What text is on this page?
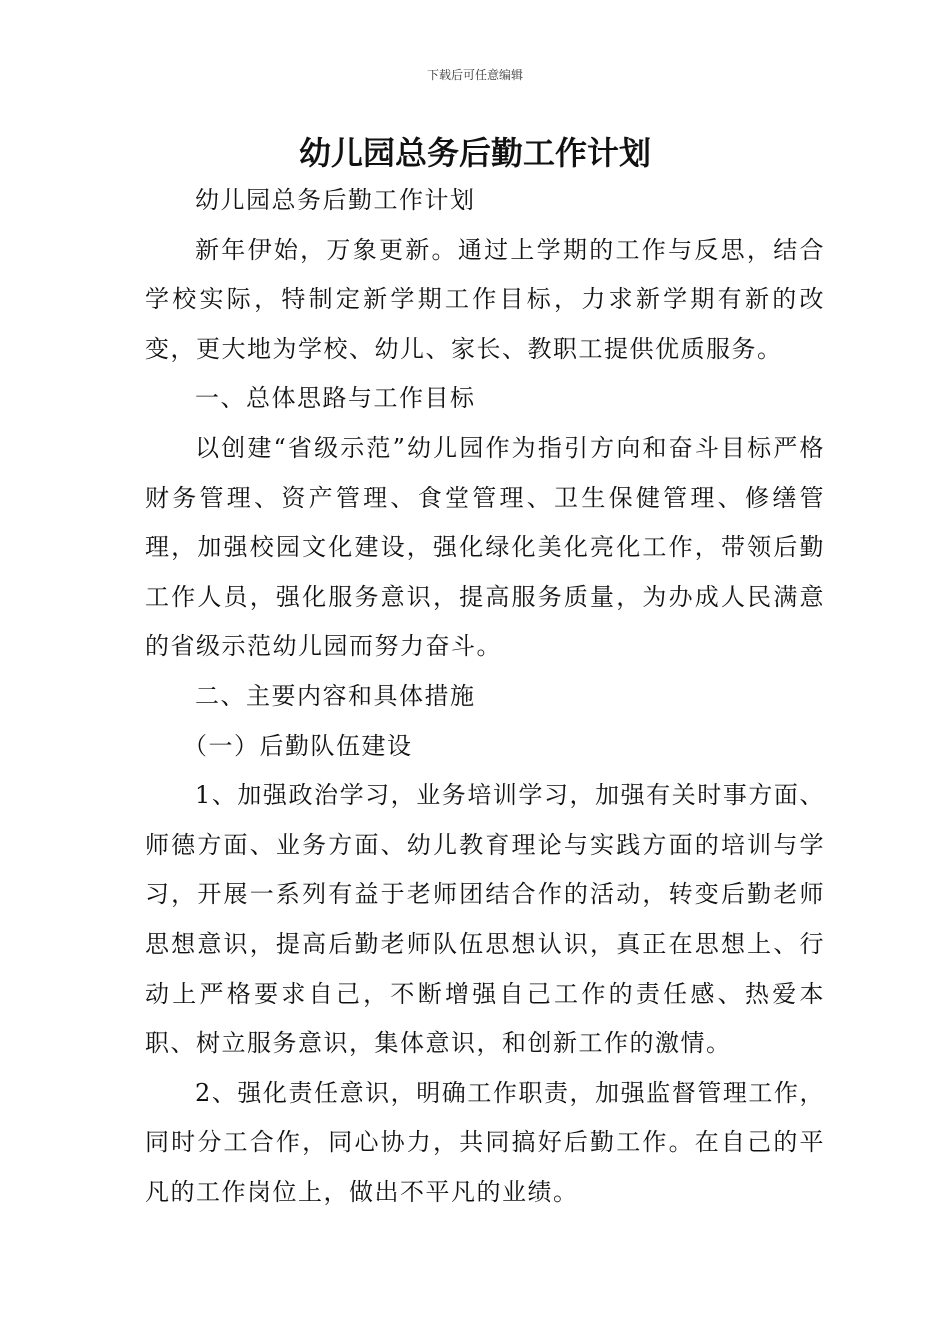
下载后可任意编辑
幼儿园总务后勤工作计划

幼儿园总务后勤工作计划

新年伊始，万象更新。通过上学期的工作与反思，结合学校实际，特制定新学期工作目标，力求新学期有新的改变，更大地为学校、幼儿、家长、教职工提供优质服务。

一、总体思路与工作目标

以创建“省级示范”幼儿园作为指引方向和奋斗目标严格财务管理、资产管理、食堂管理、卫生保健管理、修缮管理，加强校园文化建设，强化绿化美化亮化工作，带领后勤工作人员，强化服务意识，提高服务质量，为办成人民满意的省级示范幼儿园而努力奋斗。

二、主要内容和具体措施

（一）后勤队伍建设

1、加强政治学习，业务培训学习，加强有关时事方面、师德方面、业务方面、幼儿教育理论与实践方面的培训与学习，开展一系列有益于老师团结合作的活动，转变后勤老师思想意识，提高后勤老师队伍思想认识，真正在思想上、行动上严格要求自己，不断增强自己工作的责任感、热爱本职、树立服务意识，集体意识，和创新工作的激情。

2、强化责任意识，明确工作职责，加强监督管理工作，同时分工合作，同心协力，共同搞好后勤工作。在自己的平凡的工作岗位上，做出不平凡的业绩。
